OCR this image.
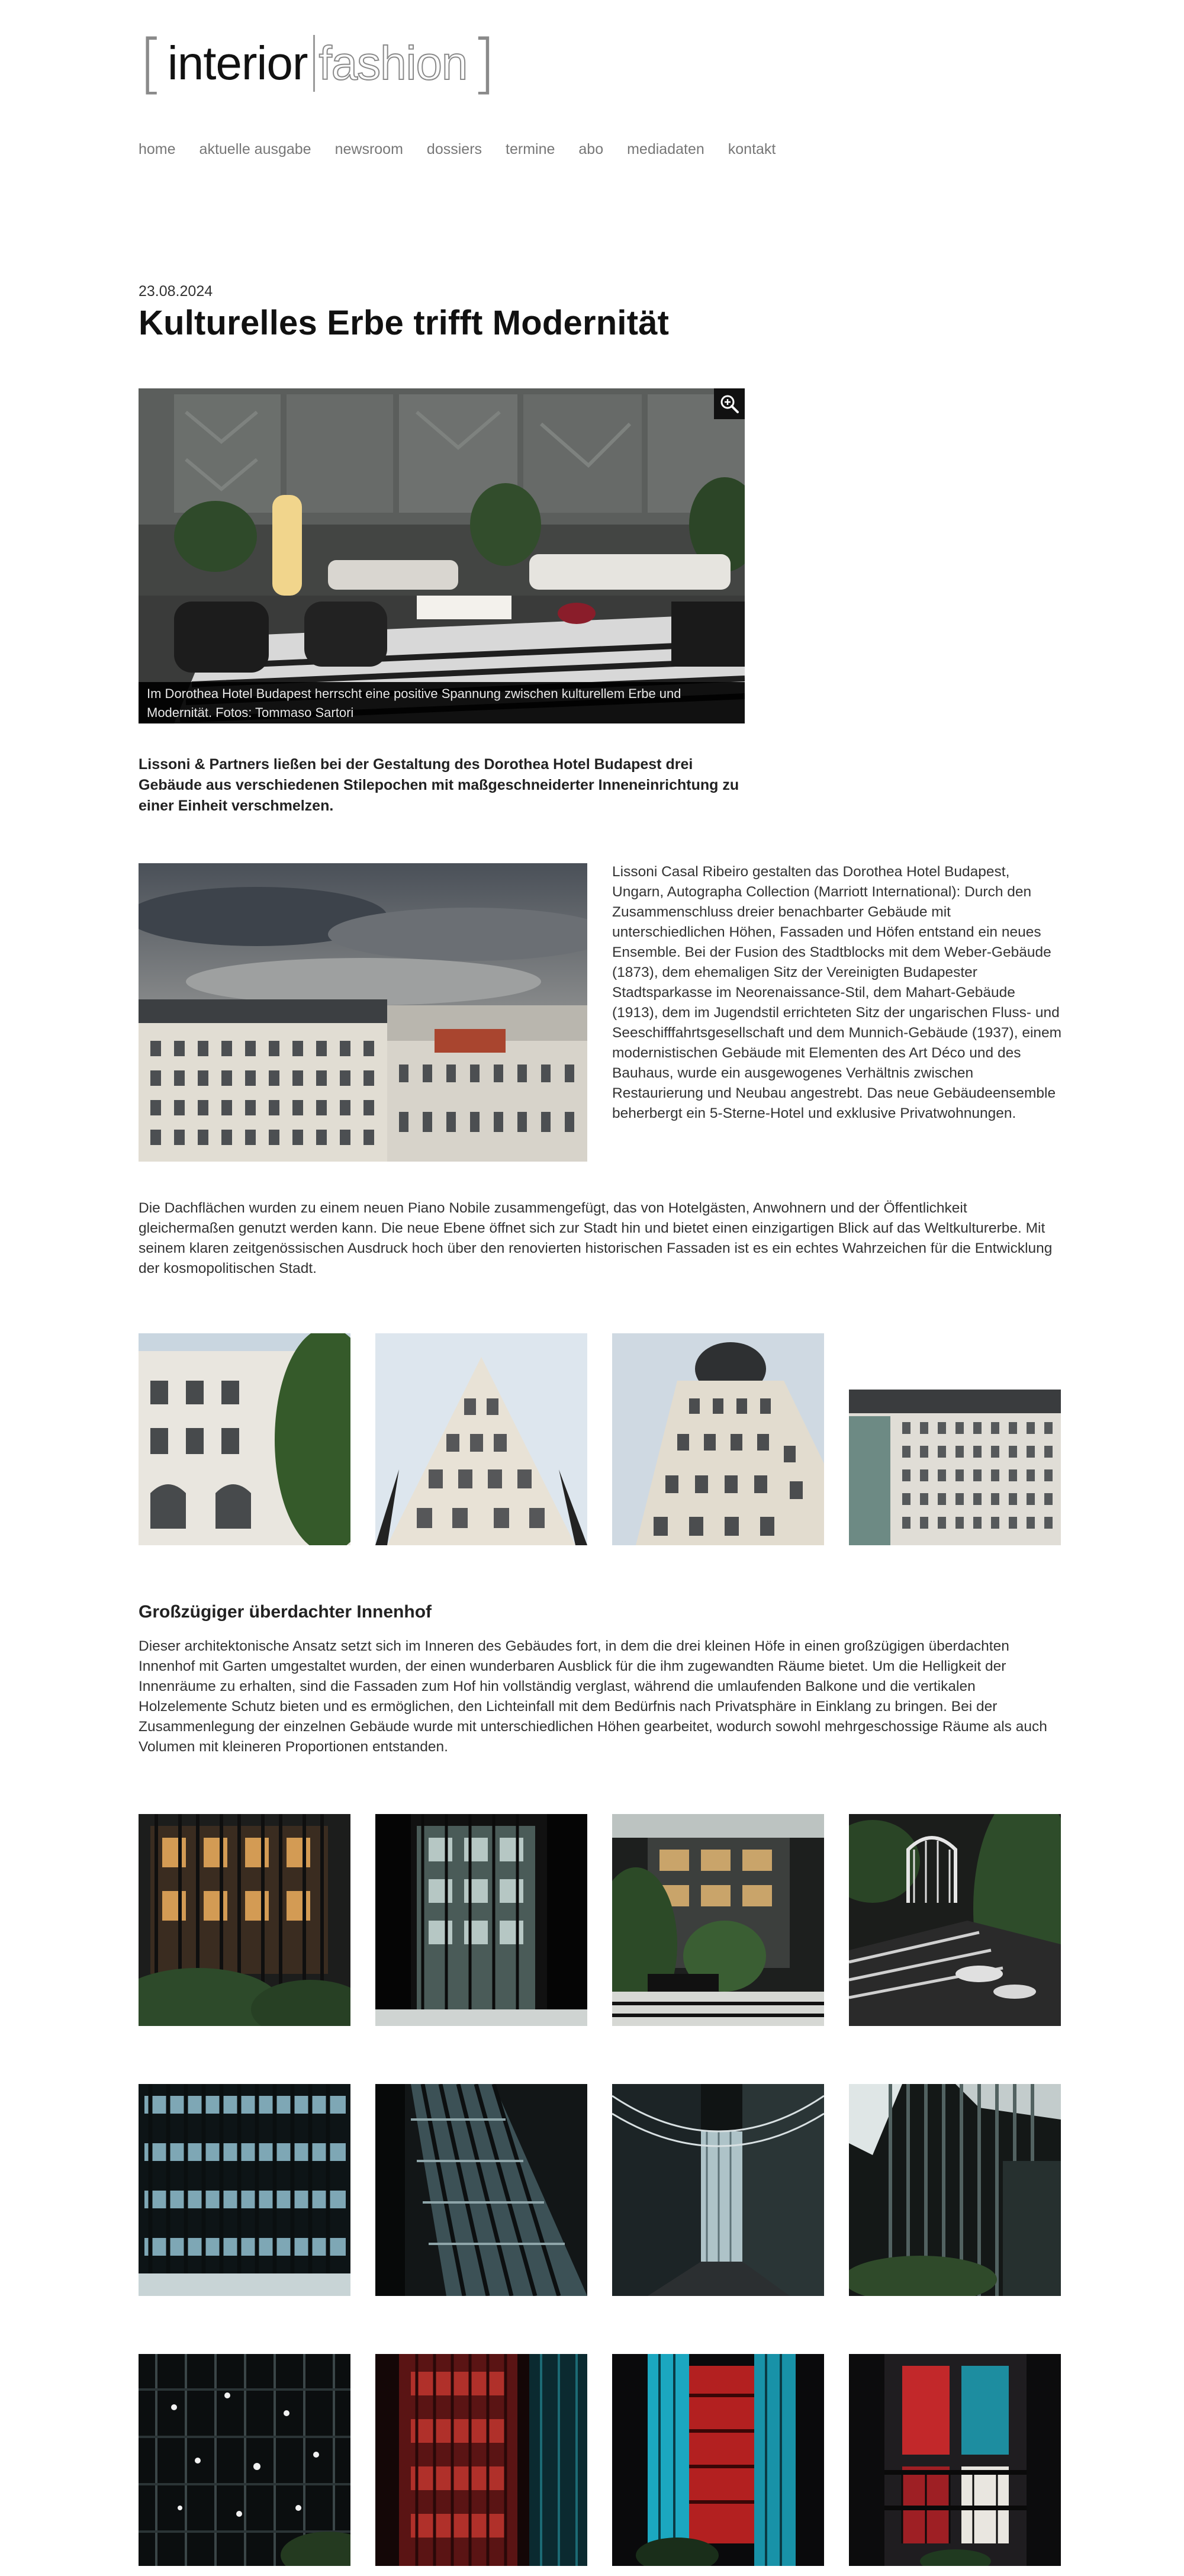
[ interior fashion ]
home aktuelle ausgabe newsroom dossiers termine abo mediadaten kontakt
23.08.2024
Kulturelles Erbe trifft Modernität
Im Dorothea Hotel Budapest herrscht eine positive Spannung zwischen kulturellem Erbe und Modernität. Fotos: Tommaso Sartori

Lissoni & Partners ließen bei der Gestaltung des Dorothea Hotel Budapest drei Gebäude aus verschiedenen Stilepochen mit maßgeschneiderter Inneneinrichtung zu einer Einheit verschmelzen.

Lissoni Casal Ribeiro gestalten das Dorothea Hotel Budapest, Ungarn, Autographa Collection (Marriott International): Durch den Zusammenschluss dreier benachbarter Gebäude mit unterschiedlichen Höhen, Fassaden und Höfen entstand ein neues Ensemble. Bei der Fusion des Stadtblocks mit dem Weber-Gebäude (1873), dem ehemaligen Sitz der Vereinigten Budapester Stadtsparkasse im Neorenaissance-Stil, dem Mahart-Gebäude (1913), dem im Jugendstil errichteten Sitz der ungarischen Fluss- und Seeschifffahrtsgesellschaft und dem Munnich-Gebäude (1937), einem modernistischen Gebäude mit Elementen des Art Déco und des Bauhaus, wurde ein ausgewogenes Verhältnis zwischen Restaurierung und Neubau angestrebt. Das neue Gebäudeensemble beherbergt ein 5-Sterne-Hotel und exklusive Privatwohnungen.

Die Dachflächen wurden zu einem neuen Piano Nobile zusammengefügt, das von Hotelgästen, Anwohnern und der Öffentlichkeit gleichermaßen genutzt werden kann. Die neue Ebene öffnet sich zur Stadt hin und bietet einen einzigartigen Blick auf das Weltkulturerbe. Mit seinem klaren zeitgenössischen Ausdruck hoch über den renovierten historischen Fassaden ist es ein echtes Wahrzeichen für die Entwicklung der kosmopolitischen Stadt.

Großzügiger überdachter Innenhof

Dieser architektonische Ansatz setzt sich im Inneren des Gebäudes fort, in dem die drei kleinen Höfe in einen großzügigen überdachten Innenhof mit Garten umgestaltet wurden, der einen wunderbaren Ausblick für die ihm zugewandten Räume bietet. Um die Helligkeit der Innenräume zu erhalten, sind die Fassaden zum Hof hin vollständig verglast, während die umlaufenden Balkone und die vertikalen Holzelemente Schutz bieten und es ermöglichen, den Lichteinfall mit dem Bedürfnis nach Privatsphäre in Einklang zu bringen. Bei der Zusammenlegung der einzelnen Gebäude wurde mit unterschiedlichen Höhen gearbeitet, wodurch sowohl mehrgeschossige Räume als auch Volumen mit kleineren Proportionen entstanden.
